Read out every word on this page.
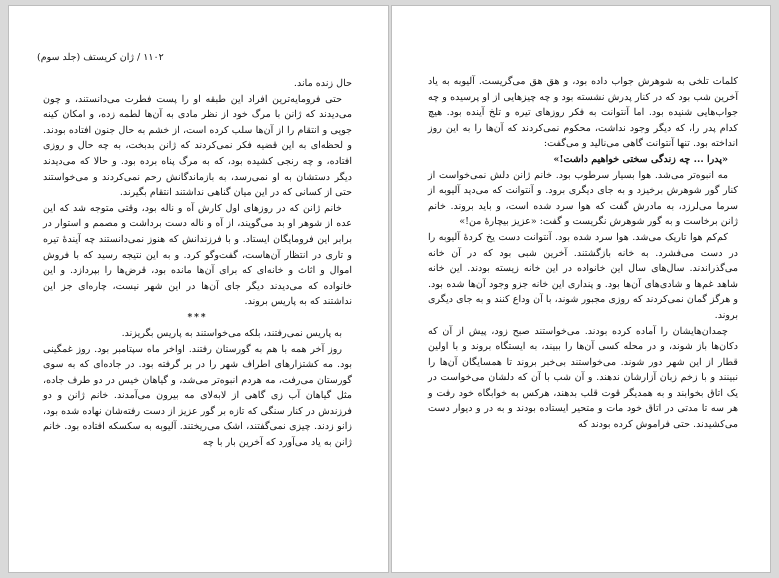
۱۱۰۲ / ژان کریستف (جلد سوم)

حال زنده ماند.

حتی فرومایه‌ترین افراد این طبقه او را پست فطرت می‌دانستند، و چون می‌دیدند که ژانن با مرگ خود از نظر مادی به آن‌ها لطمه زده، و امکان کینه جویی و انتقام را از آن‌ها سلب کرده است، از خشم به حال جنون افتاده بودند. و لحظه‌ای به این قضیه فکر نمی‌کردند که ژانن بدبخت، به چه حال و روزی افتاده، و چه رنجی کشیده بود، که به مرگ پناه برده بود. و حالا که می‌دیدند دیگر دستشان به او نمی‌رسد، به بازماندگانش رحم نمی‌کردند و می‌خواستند حتی از کسانی که در این میان گناهی نداشتند انتقام بگیرند.

خانم ژانن که در روزهای اول کارش آه و ناله بود، وقتی متوجه شد که این عده از شوهر او بد می‌گویند، از آه و ناله دست برداشت و مصمم و استوار در برابر این فرومایگان ایستاد. و با فرزندانش که هنوز نمی‌دانستند چه آینده‌ٔ تیره و تاری در انتظار آن‌هاست، گفت‌وگو کرد. و به این نتیجه رسید که با فروش اموال و اثاث و خانه‌ای که برای آن‌ها مانده بود، قرض‌ها را بپردازد. و این خانواده که می‌دیدند دیگر جای آن‌ها در این شهر نیست، چاره‌ای جز این نداشتند که به پاریس بروند.

***

به پاریس نمی‌رفتند، بلکه می‌خواستند به پاریس بگریزند.

روز آخر همه با هم به گورستان رفتند. اواخر ماه سپتامبر بود. روز غمگینی بود. مه کشتزارهای اطراف شهر را در بر گرفته بود. در جاده‌ای که به سوی گورستان می‌رفت، مه هردم انبوه‌تر می‌شد، و گیاهان خیس در دو طرف جاده، مثل گیاهان آب زی گاهی از لابه‌لای مه بیرون می‌آمدند. خانم ژانن و دو فرزندش در کنار سنگی که تازه بر گور عزیز از دست رفته‌شان نهاده شده بود، زانو زدند. چیزی نمی‌گفتند، اشک می‌ریختند. آلیوبه به سکسکه افتاده بود. خانم ژانن به یاد می‌آورد که آخرین بار با چه

کلمات تلخی به شوهرش جواب داده بود، و هق هق می‌گریست. آلیوبه به یاد آخرین شب بود که در کنار پدرش نشسته بود و چه چیزهایی از او پرسیده و چه جواب‌هایی شنیده بود. اما آنتوانت به فکر روزهای تیره و تلخ آینده بود. هیچ کدام پدر را، که دیگر وجود نداشت، محکوم نمی‌کردند که آن‌ها را به این روز انداخته بود. تنها آنتوانت گاهی می‌نالید و می‌گفت:

«پدرا ... چه زندگی سختی خواهیم داشت!»

مه انبوه‌تر می‌شد. هوا بسیار سرطوب بود. خانم ژانن دلش نمی‌خواست از کنار گور شوهرش برخیزد و به جای دیگری برود. و آنتوانت که می‌دید آلیوبه از سرما می‌لرزد، به مادرش گفت که هوا سرد شده است، و باید بروند. خانم ژانن برخاست و به گور شوهرش نگریست و گفت: «عزیز بیچاره‌ٔ من!»

کم‌کم هوا تاریک می‌شد. هوا سرد شده بود. آنتوانت دست یخ کردهٔ آلیوبه را در دست می‌فشرد. به خانه بازگشتند. آخرین شبی بود که در آن خانه می‌گذراندند. سال‌های سال این خانواده در این خانه زیسته بودند. این خانه شاهد غم‌ها و شادی‌های آن‌ها بود. و پنداری این خانه جزو وجود آن‌ها شده بود. و هرگز گمان نمی‌کردند که روزی مجبور شوند، با آن وداع کنند و به جای دیگری بروند.

چمدان‌هایشان را آماده کرده بودند. می‌خواستند صبح زود، پیش از آن که دکان‌ها باز شوند، و در محله کسی آن‌ها را ببیند، به ایستگاه بروند و با اولین قطار از این شهر دور شوند. می‌خواستند بی‌خبر بروند تا همسایگان آن‌ها را نبینند و با زخم زبان آزارشان ندهند. و آن شب با آن که دلشان می‌خواست در یک اتاق بخوابند و به همدیگر قوت قلب بدهند، هرکس به خوابگاه خود رفت و هر سه تا مدتی در اتاق خود مات و متحیر ایستاده بودند و به در و دیوار دست می‌کشیدند. حتی فراموش کرده بودند که
